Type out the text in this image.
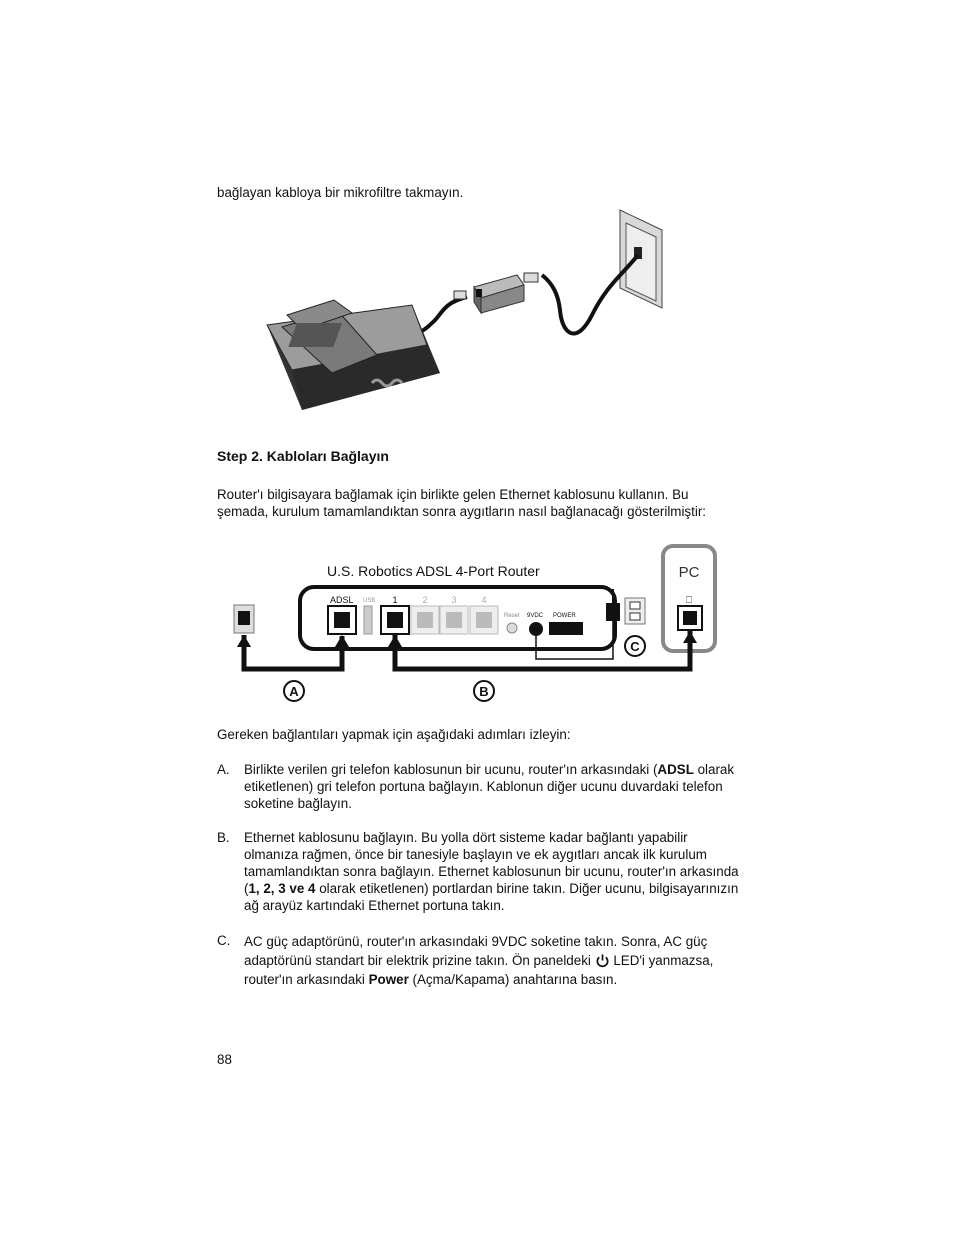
bağlayan kabloya bir mikrofiltre takmayın.

Step 2. Kabloları Bağlayın

Router'ı bilgisayara bağlamak için birlikte gelen Ethernet kablosunu kullanın. Bu şemada, kurulum tamamlandıktan sonra aygıtların nasıl bağlanacağı gösterilmiştir:

U.S. Robotics ADSL 4-Port Router	PC
⎕
ADSL USB 1	2	3	4
Reset 9VDC POWER
A	B
C

Gereken bağlantıları yapmak için aşağıdaki adımları izleyin:

A. Birlikte verilen gri telefon kablosunun bir ucunu, router'ın arkasındaki (ADSL olarak etiketlenen) gri telefon portuna bağlayın. Kablonun diğer ucunu duvardaki telefon soketine bağlayın.

B. Ethernet kablosunu bağlayın. Bu yolla dört sisteme kadar bağlantı yapabilir olmanıza rağmen, önce bir tanesiyle başlayın ve ek aygıtları ancak ilk kurulum tamamlandıktan sonra bağlayın. Ethernet kablosunun bir ucunu, router'ın arkasında (1, 2, 3 ve 4 olarak etiketlenen) portlardan birine takın. Diğer ucunu, bilgisayarınızın ağ arayüz kartındaki Ethernet portuna takın.

C. AC güç adaptörünü, router'ın arkasındaki 9VDC soketine takın. Sonra, AC güç adaptörünü standart bir elektrik prizine takın. Ön paneldeki  LED'i yanmazsa, router'ın arkasındaki Power (Açma/Kapama) anahtarına basın.

88
